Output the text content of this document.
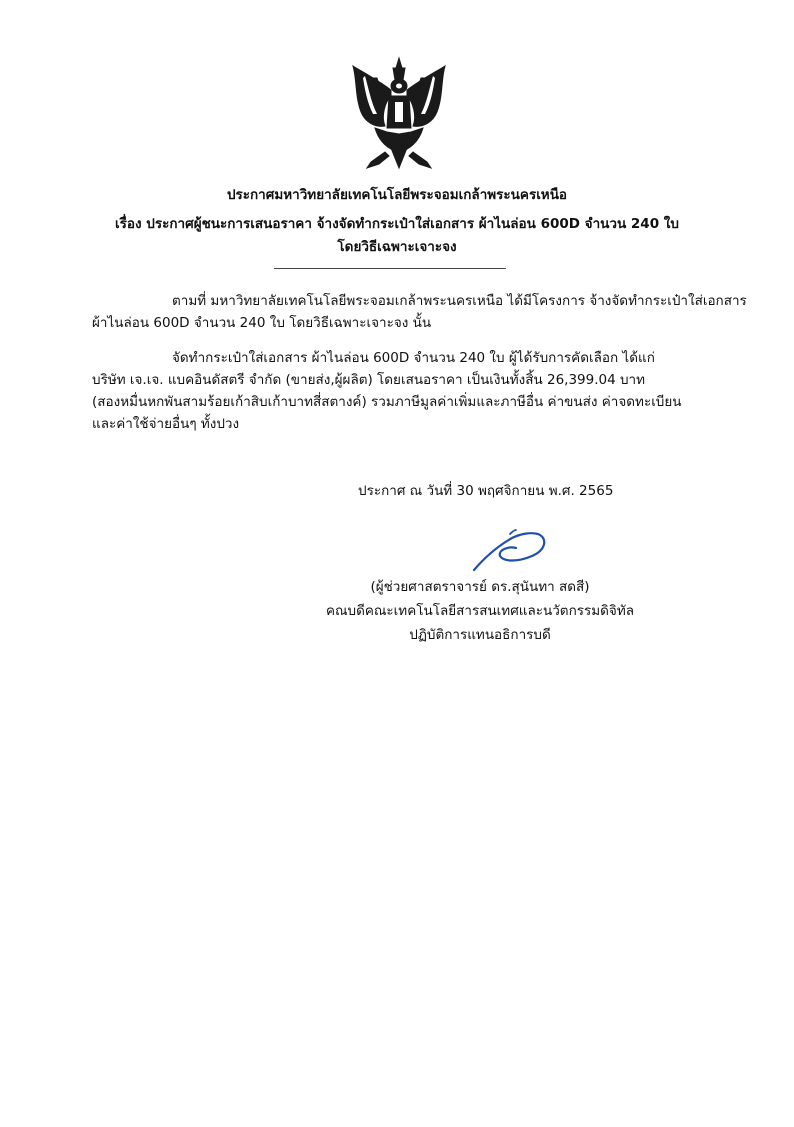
ประกาศมหาวิทยาลัยเทคโนโลยีพระจอมเกล้าพระนครเหนือ
เรื่อง ประกาศผู้ชนะการเสนอราคา จ้างจัดทำกระเป๋าใส่เอกสาร ผ้าไนล่อน 600D จำนวน 240 ใบ
โดยวิธีเฉพาะเจาะจง
ตามที่ มหาวิทยาลัยเทคโนโลยีพระจอมเกล้าพระนครเหนือ ได้มีโครงการ จ้างจัดทำกระเป๋าใส่เอกสาร
ผ้าไนล่อน 600D จำนวน 240 ใบ โดยวิธีเฉพาะเจาะจง นั้น
จัดทำกระเป๋าใส่เอกสาร ผ้าไนล่อน 600D จำนวน 240 ใบ ผู้ได้รับการคัดเลือก ได้แก่
บริษัท เจ.เจ. แบคอินดัสตรี จำกัด (ขายส่ง,ผู้ผลิต) โดยเสนอราคา เป็นเงินทั้งสิ้น 26,399.04 บาท
(สองหมื่นหกพันสามร้อยเก้าสิบเก้าบาทสี่สตางค์) รวมภาษีมูลค่าเพิ่มและภาษีอื่น ค่าขนส่ง ค่าจดทะเบียน
และค่าใช้จ่ายอื่นๆ ทั้งปวง
ประกาศ ณ วันที่ 30 พฤศจิกายน พ.ศ. 2565
(ผู้ช่วยศาสตราจารย์ ดร.สุนันทา สดสี)
คณบดีคณะเทคโนโลยีสารสนเทศและนวัตกรรมดิจิทัล
ปฏิบัติการแทนอธิการบดี
